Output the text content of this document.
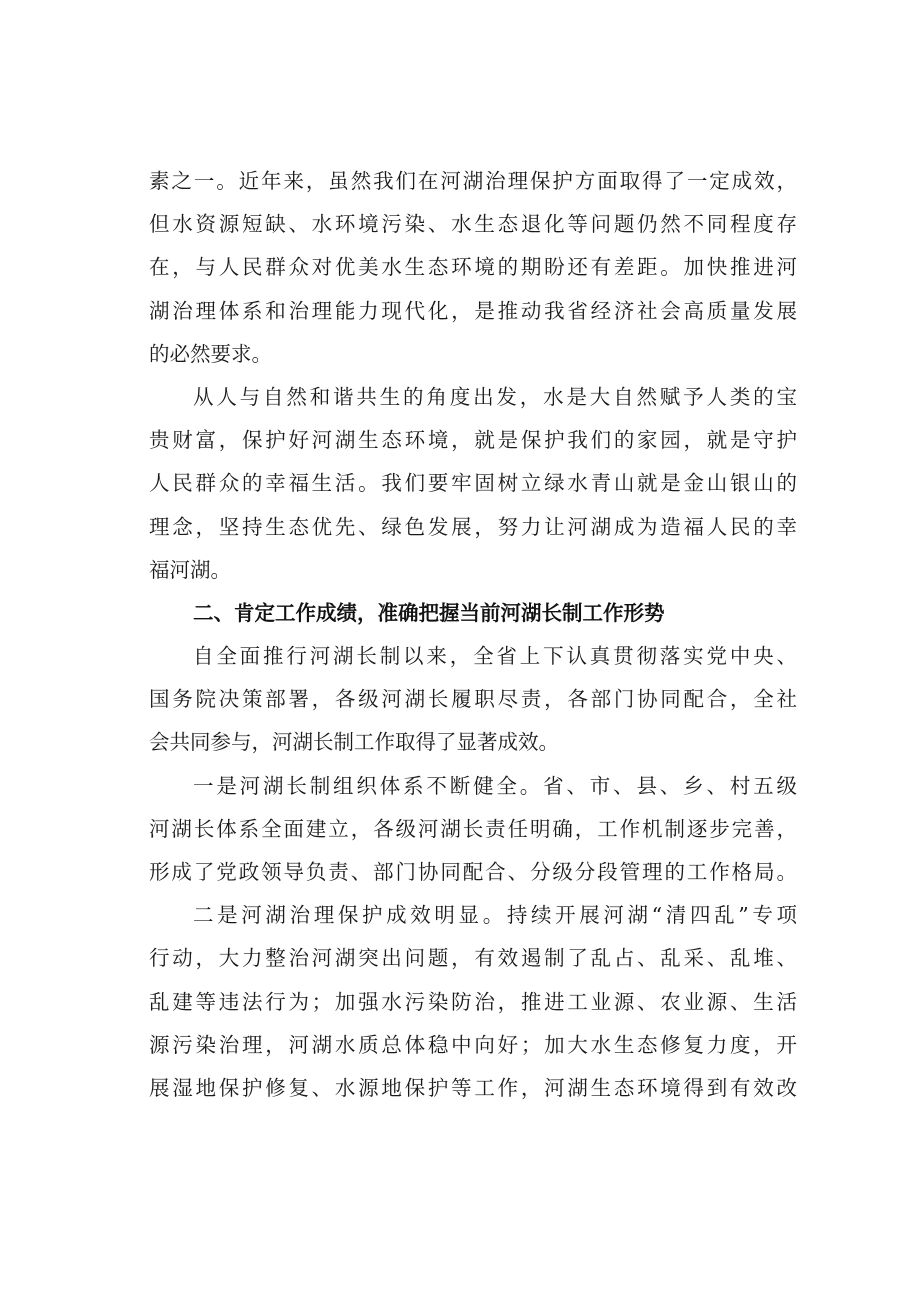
素之一。近年来，虽然我们在河湖治理保护方面取得了一定成效，
但水资源短缺、水环境污染、水生态退化等问题仍然不同程度存
在，与人民群众对优美水生态环境的期盼还有差距。加快推进河
湖治理体系和治理能力现代化，是推动我省经济社会高质量发展
的必然要求。
从人与自然和谐共生的角度出发，水是大自然赋予人类的宝
贵财富，保护好河湖生态环境，就是保护我们的家园，就是守护
人民群众的幸福生活。我们要牢固树立绿水青山就是金山银山的
理念，坚持生态优先、绿色发展，努力让河湖成为造福人民的幸
福河湖。
二、肯定工作成绩，准确把握当前河湖长制工作形势
自全面推行河湖长制以来，全省上下认真贯彻落实党中央、
国务院决策部署，各级河湖长履职尽责，各部门协同配合，全社
会共同参与，河湖长制工作取得了显著成效。
一是河湖长制组织体系不断健全。省、市、县、乡、村五级
河湖长体系全面建立，各级河湖长责任明确，工作机制逐步完善，
形成了党政领导负责、部门协同配合、分级分段管理的工作格局。
二是河湖治理保护成效明显。持续开展河湖“清四乱”专项
行动，大力整治河湖突出问题，有效遏制了乱占、乱采、乱堆、
乱建等违法行为；加强水污染防治，推进工业源、农业源、生活
源污染治理，河湖水质总体稳中向好；加大水生态修复力度，开
展湿地保护修复、水源地保护等工作，河湖生态环境得到有效改
